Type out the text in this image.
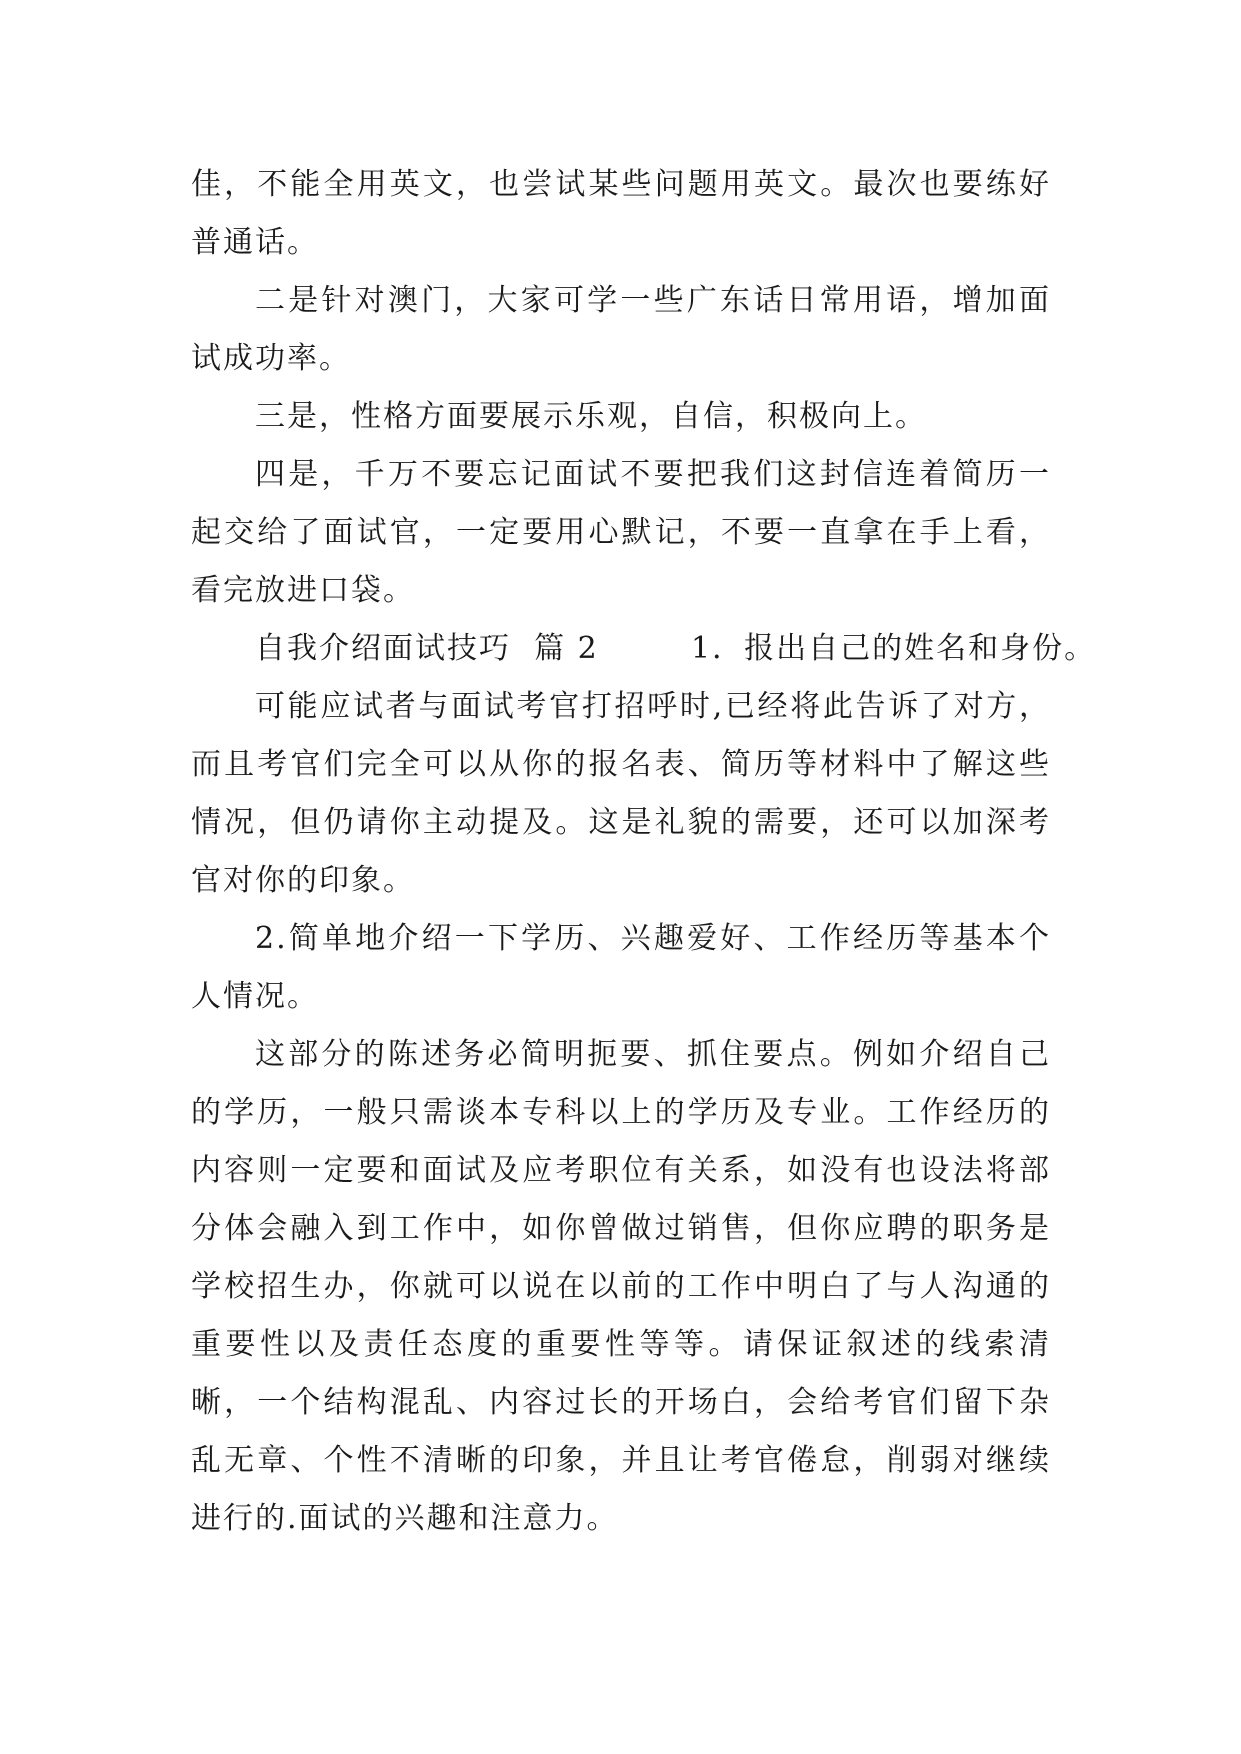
佳，不能全用英文，也尝试某些问题用英文。最次也要练好普通话。

二是针对澳门，大家可学一些广东话日常用语，增加面试成功率。

三是，性格方面要展示乐观，自信，积极向上。

四是，千万不要忘记面试不要把我们这封信连着简历一起交给了面试官，一定要用心默记，不要一直拿在手上看，看完放进口袋。

自我介绍面试技巧  篇 2        1．报出自己的姓名和身份。

可能应试者与面试考官打招呼时,已经将此告诉了对方，而且考官们完全可以从你的报名表、简历等材料中了解这些情况，但仍请你主动提及。这是礼貌的需要，还可以加深考官对你的印象。

2.简单地介绍一下学历、兴趣爱好、工作经历等基本个人情况。

这部分的陈述务必简明扼要、抓住要点。例如介绍自己的学历，一般只需谈本专科以上的学历及专业。工作经历的内容则一定要和面试及应考职位有关系，如没有也设法将部分体会融入到工作中，如你曾做过销售，但你应聘的职务是学校招生办，你就可以说在以前的工作中明白了与人沟通的重要性以及责任态度的重要性等等。请保证叙述的线索清晰，一个结构混乱、内容过长的开场白，会给考官们留下杂乱无章、个性不清晰的印象，并且让考官倦怠，削弱对继续进行的.面试的兴趣和注意力。
